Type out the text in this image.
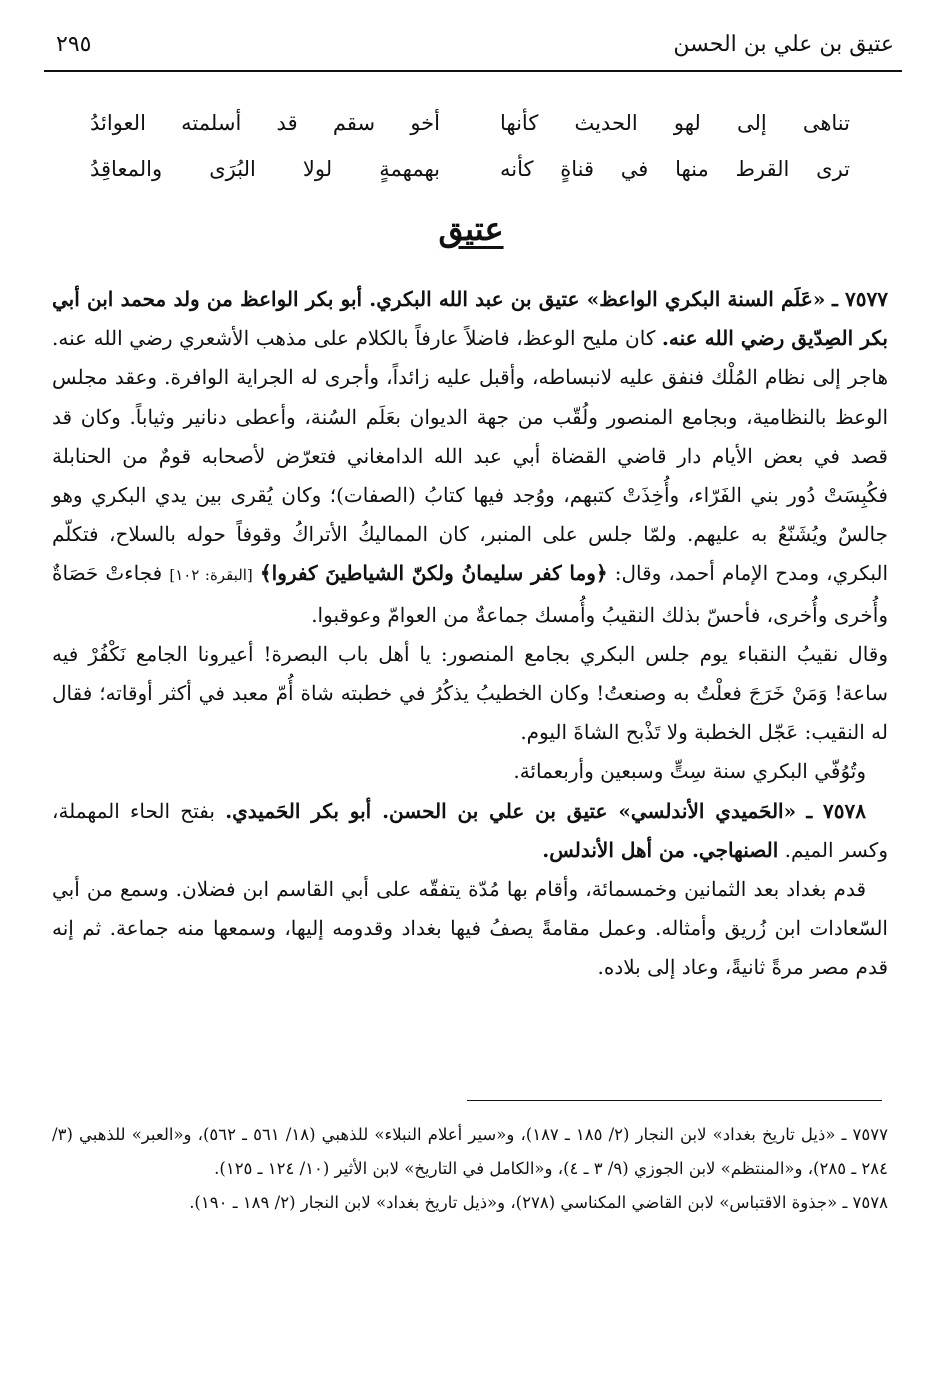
عتيق بن علي بن الحسن
٢٩٥
تناهى إلى لهو الحديث كأنها
أخو سقم قد أسلمته العوائدُ
ترى القرط منها في قناةٍ كأنه
بهمهمةٍ لولا البُرَى والمعاقِدُ
عتيق

٧٥٧٧ ـ «عَلَم السنة البكري الواعظ» عتيق بن عبد الله البكري. أبو بكر الواعظ من ولد محمد ابن أبي بكر الصِدّيق رضي الله عنه. كان مليح الوعظ، فاضلاً عارفاً بالكلام على مذهب الأشعري رضي الله عنه. هاجر إلى نظام المُلْك فنفق عليه لانبساطه، وأقبل عليه زائداً، وأجرى له الجراية الوافرة. وعقد مجلس الوعظ بالنظامية، وبجامع المنصور ولُقّب من جهة الديوان بعَلَم السُنة، وأعطى دنانير وثياباً. وكان قد قصد في بعض الأيام دار قاضي القضاة أبي عبد الله الدامغاني فتعرّض لأصحابه قومٌ من الحنابلة فكُبِسَتْ دُور بني الفَرّاء، وأُخِذَتْ كتبهم، ووُجد فيها كتابُ (الصفات)؛ وكان يُقرى بين يدي البكري وهو جالسٌ ويُشَنّعُ به عليهم. ولمّا جلس على المنبر، كان المماليكُ الأتراكُ وقوفاً حوله بالسلاح، فتكلّم البكري، ومدح الإمام أحمد، وقال: ﴿وما كفر سليمانُ ولكنّ الشياطينَ كفروا﴾ [البقرة: ١٠٢] فجاءتْ حَصَاةٌ وأُخرى وأُخرى، فأحسّ بذلك النقيبُ وأُمسك جماعةٌ من العوامّ وعوقبوا.

وقال نقيبُ النقباء يوم جلس البكري بجامع المنصور: يا أهل باب البصرة! أعيرونا الجامع نَكْفُرْ فيه ساعة! وَمَنْ خَرَجَ فعلْتُ به وصنعتُ! وكان الخطيبُ يذكُرُ في خطبته شاة أُمّ معبد في أكثر أوقاته؛ فقال له النقيب: عَجّل الخطبة ولا تَذْبح الشاةَ اليوم.

وتُوُفّي البكري سنة سِتٍّ وسبعين وأربعمائة.

٧٥٧٨ ـ «الحَميدي الأندلسي» عتيق بن علي بن الحسن. أبو بكر الحَميدي. بفتح الحاء المهملة، وكسر الميم. الصنهاجي. من أهل الأندلس.

قدم بغداد بعد الثمانين وخمسمائة، وأقام بها مُدّة يتفقّه على أبي القاسم ابن فضلان. وسمع من أبي السّعادات ابن زُريق وأمثاله. وعمل مقامةً يصفُ فيها بغداد وقدومه إليها، وسمعها منه جماعة. ثم إنه قدم مصر مرةً ثانيةً، وعاد إلى بلاده.

٧٥٧٧ ـ «ذيل تاريخ بغداد» لابن النجار (٢/ ١٨٥ ـ ١٨٧)، و«سير أعلام النبلاء» للذهبي (١٨/ ٥٦١ ـ ٥٦٢)، و«العبر» للذهبي (٣/ ٢٨٤ ـ ٢٨٥)، و«المنتظم» لابن الجوزي (٩/ ٣ ـ ٤)، و«الكامل في التاريخ» لابن الأثير (١٠/ ١٢٤ ـ ١٢٥).

٧٥٧٨ ـ «جذوة الاقتباس» لابن القاضي المكناسي (٢٧٨)، و«ذيل تاريخ بغداد» لابن النجار (٢/ ١٨٩ ـ ١٩٠).
